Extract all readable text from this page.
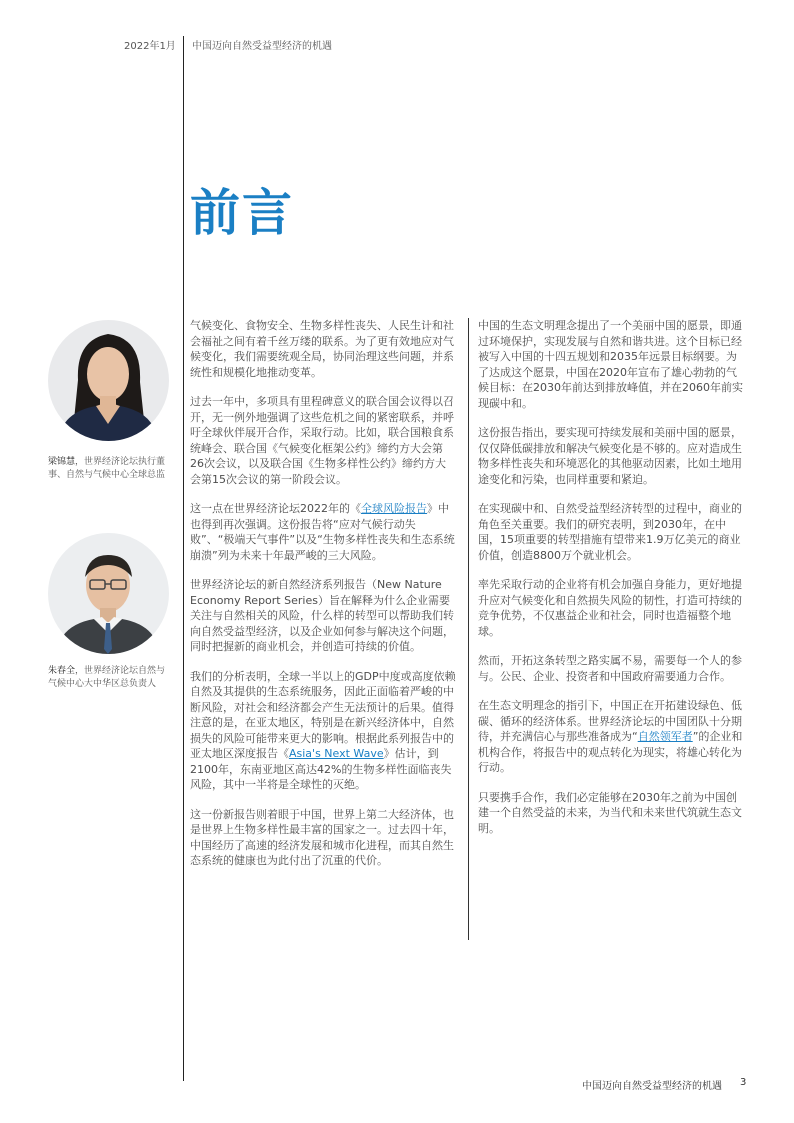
2022年1月 中国迈向自然受益型经济的机遇
前言
梁锦慧，世界经济论坛执行董事、自然与气候中心全球总监
朱春全，世界经济论坛自然与气候中心大中华区总负责人

气候变化、食物安全、生物多样性丧失、人民生计和社会福祉之间有着千丝万缕的联系。为了更有效地应对气候变化，我们需要统观全局，协同治理这些问题，并系统性和规模化地推动变革。

过去一年中，多项具有里程碑意义的联合国会议得以召开，无一例外地强调了这些危机之间的紧密联系，并呼吁全球伙伴展开合作，采取行动。比如，联合国粮食系统峰会、联合国《气候变化框架公约》缔约方大会第26次会议，以及联合国《生物多样性公约》缔约方大会第15次会议的第一阶段会议。

这一点在世界经济论坛2022年的《全球风险报告》中也得到再次强调。这份报告将“应对气候行动失败”、“极端天气事件”以及“生物多样性丧失和生态系统崩溃”列为未来十年最严峻的三大风险。

世界经济论坛的新自然经济系列报告（New Nature Economy Report Series）旨在解释为什么企业需要关注与自然相关的风险，什么样的转型可以帮助我们转向自然受益型经济，以及企业如何参与解决这个问题，同时把握新的商业机会，并创造可持续的价值。

我们的分析表明，全球一半以上的GDP中度或高度依赖自然及其提供的生态系统服务，因此正面临着严峻的中断风险，对社会和经济都会产生无法预计的后果。值得注意的是，在亚太地区，特别是在新兴经济体中，自然损失的风险可能带来更大的影响。根据此系列报告中的亚太地区深度报告《Asia's Next Wave》估计，到2100年，东南亚地区高达42%的生物多样性面临丧失风险，其中一半将是全球性的灭绝。

这一份新报告则着眼于中国，世界上第二大经济体，也是世界上生物多样性最丰富的国家之一。过去四十年，中国经历了高速的经济发展和城市化进程，而其自然生态系统的健康也为此付出了沉重的代价。

中国的生态文明理念提出了一个美丽中国的愿景，即通过环境保护，实现发展与自然和谐共进。这个目标已经被写入中国的十四五规划和2035年远景目标纲要。为了达成这个愿景，中国在2020年宣布了雄心勃勃的气候目标：在2030年前达到排放峰值，并在2060年前实现碳中和。

这份报告指出，要实现可持续发展和美丽中国的愿景，仅仅降低碳排放和解决气候变化是不够的。应对造成生物多样性丧失和环境恶化的其他驱动因素，比如土地用途变化和污染，也同样重要和紧迫。

在实现碳中和、自然受益型经济转型的过程中，商业的角色至关重要。我们的研究表明，到2030年，在中国，15项重要的转型措施有望带来1.9万亿美元的商业价值，创造8800万个就业机会。

率先采取行动的企业将有机会加强自身能力，更好地提升应对气候变化和自然损失风险的韧性，打造可持续的竞争优势，不仅惠益企业和社会，同时也造福整个地球。

然而，开拓这条转型之路实属不易，需要每一个人的参与。公民、企业、投资者和中国政府需要通力合作。

在生态文明理念的指引下，中国正在开拓建设绿色、低碳、循环的经济体系。世界经济论坛的中国团队十分期待，并充满信心与那些准备成为“自然领军者”的企业和机构合作，将报告中的观点转化为现实，将雄心转化为行动。

只要携手合作，我们必定能够在2030年之前为中国创建一个自然受益的未来，为当代和未来世代筑就生态文明。

中国迈向自然受益型经济的机遇 3
